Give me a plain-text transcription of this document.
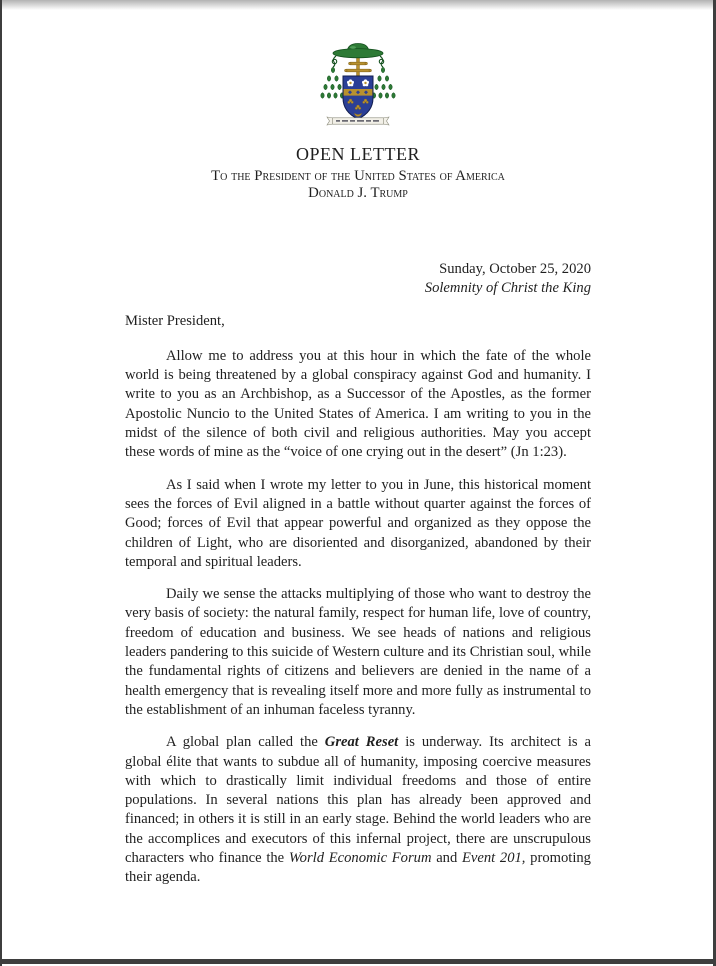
OPEN LETTER
To the President of the United States of America
Donald J. Trump
Sunday, October 25, 2020
Solemnity of Christ the King
Mister President,

Allow me to address you at this hour in which the fate of the whole world is being threatened by a global conspiracy against God and humanity. I write to you as an Archbishop, as a Successor of the Apostles, as the former Apostolic Nuncio to the United States of America. I am writing to you in the midst of the silence of both civil and religious authorities. May you accept these words of mine as the “voice of one crying out in the desert” (Jn 1:23).

As I said when I wrote my letter to you in June, this historical moment sees the forces of Evil aligned in a battle without quarter against the forces of Good; forces of Evil that appear powerful and organized as they oppose the children of Light, who are disoriented and disorganized, abandoned by their temporal and spiritual leaders.

Daily we sense the attacks multiplying of those who want to destroy the very basis of society: the natural family, respect for human life, love of country, freedom of education and business. We see heads of nations and religious leaders pandering to this suicide of Western culture and its Christian soul, while the fundamental rights of citizens and believers are denied in the name of a health emergency that is revealing itself more and more fully as instrumental to the establishment of an inhuman faceless tyranny.

A global plan called the Great Reset is underway. Its architect is a global élite that wants to subdue all of humanity, imposing coercive measures with which to drastically limit individual freedoms and those of entire populations. In several nations this plan has already been approved and financed; in others it is still in an early stage. Behind the world leaders who are the accomplices and executors of this infernal project, there are unscrupulous characters who finance the World Economic Forum and Event 201, promoting their agenda.
